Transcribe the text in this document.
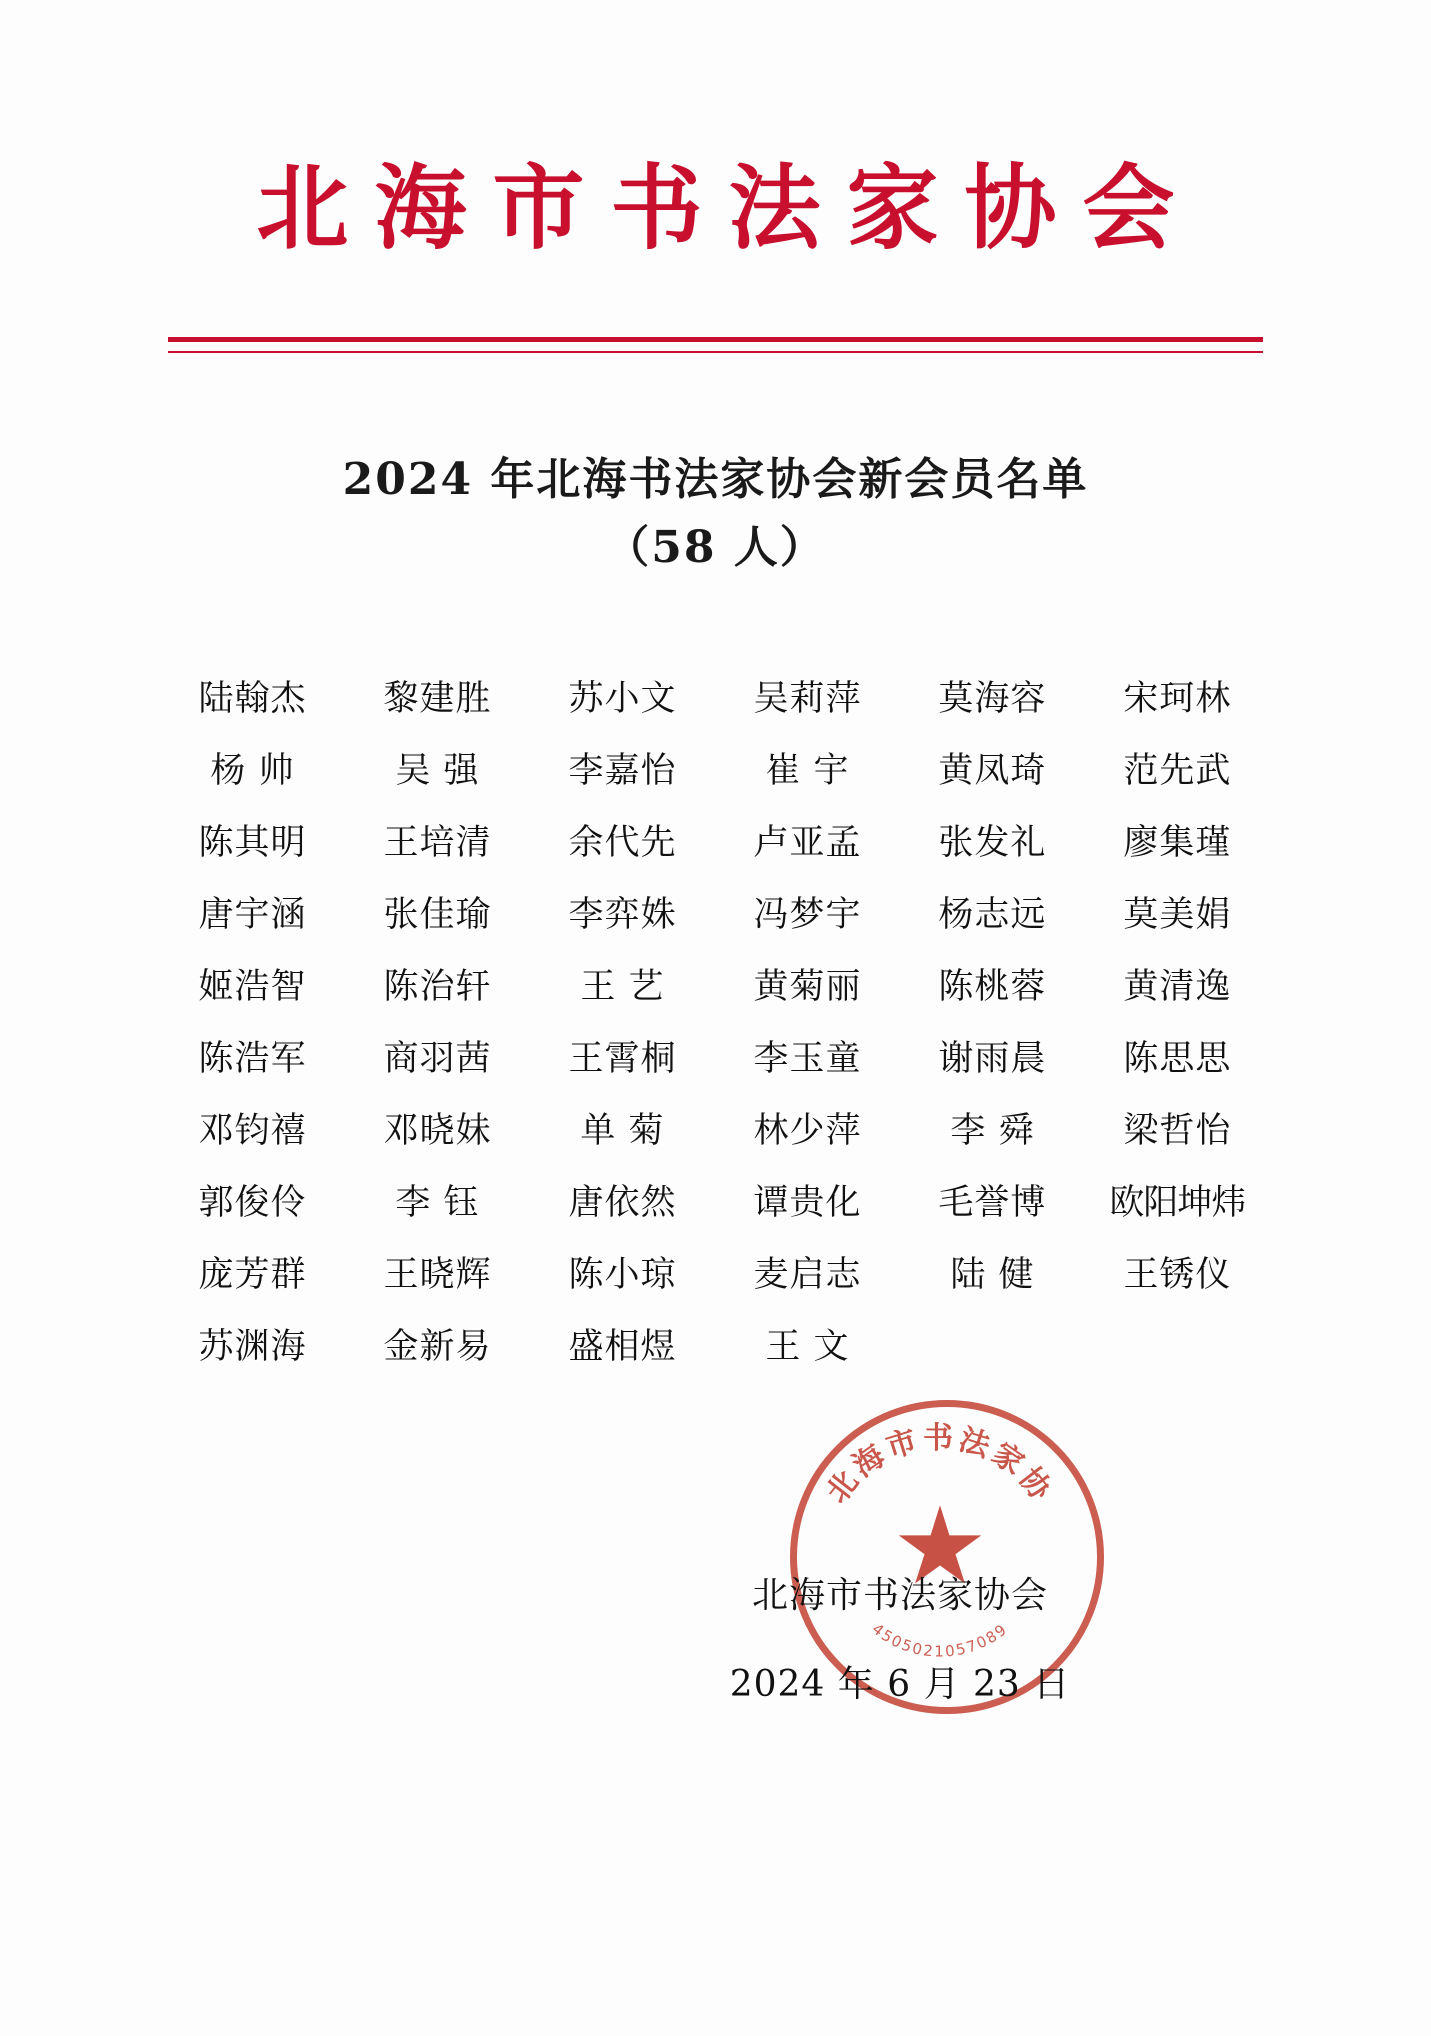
北海市书法家协会
2024 年北海书法家协会新会员名单
（58 人）
陆翰杰	黎建胜	苏小文	吴莉萍	莫海容	宋珂林
杨 帅	吴 强	李嘉怡	崔 宇	黄凤琦	范先武
陈其明	王培清	余代先	卢亚孟	张发礼	廖集瑾
唐宇涵	张佳瑜	李弈姝	冯梦宇	杨志远	莫美娟
姬浩智	陈治轩	王 艺	黄菊丽	陈桃蓉	黄清逸
陈浩军	商羽茜	王霄桐	李玉童	谢雨晨	陈思思
邓钧禧	邓晓妹	单 菊	林少萍	李 舜	梁哲怡
郭俊伶	李 钰	唐依然	谭贵化	毛誉博	欧阳坤炜
庞芳群	王晓辉	陈小琼	麦启志	陆 健	王锈仪
苏渊海	金新易	盛相煜	王 文
北海市书法家协
4505021057089
北海市书法家协会
2024 年 6 月 23 日
